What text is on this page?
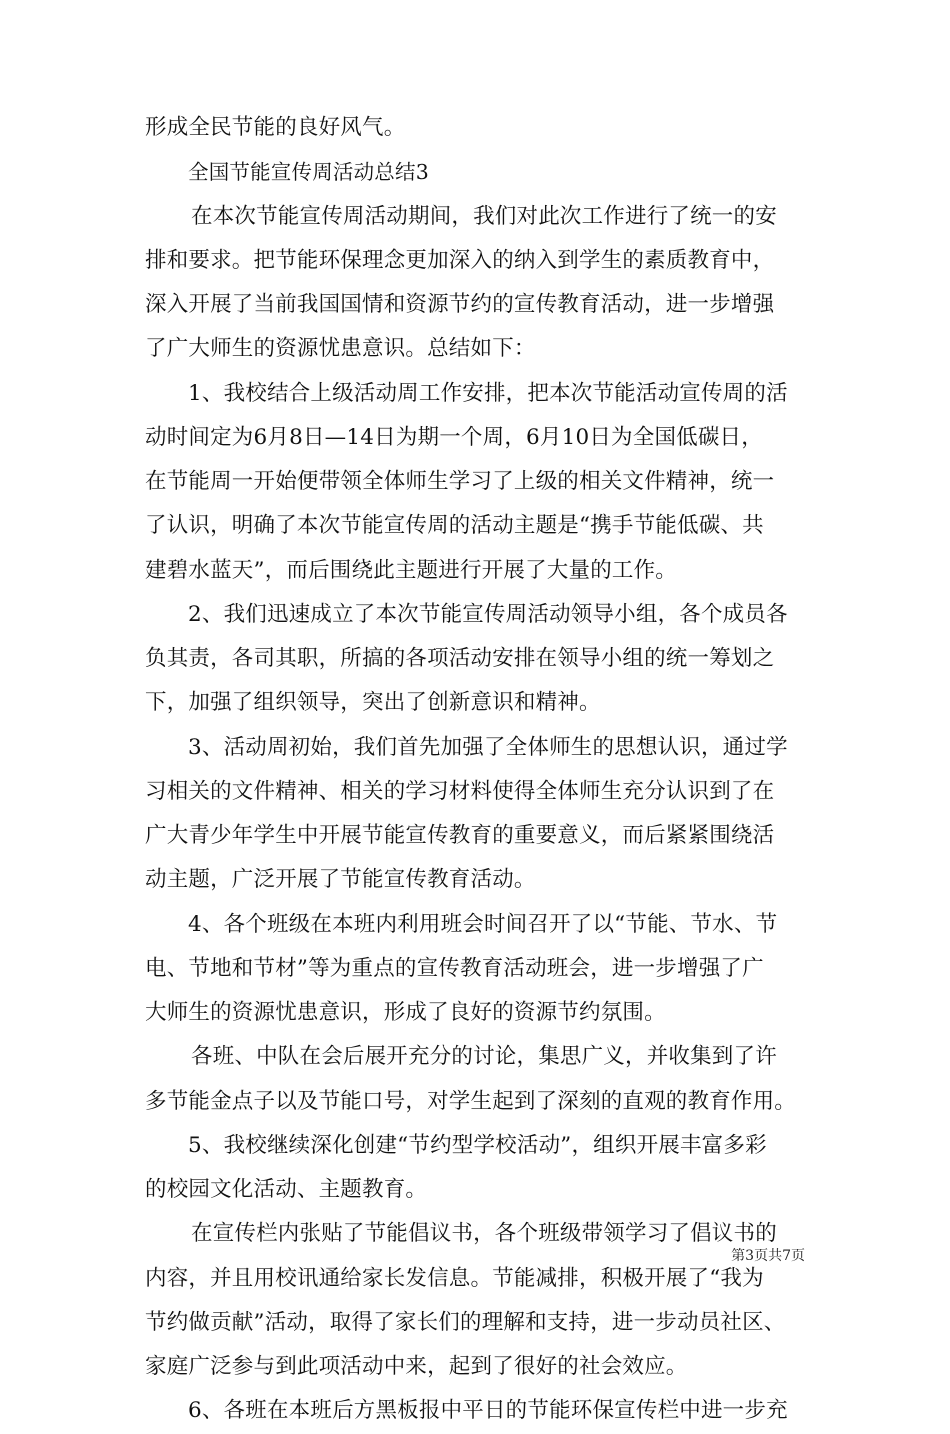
形成全民节能的良好风气。
全国节能宣传周活动总结3
在本次节能宣传周活动期间，我们对此次工作进行了统一的安
排和要求。把节能环保理念更加深入的纳入到学生的素质教育中，
深入开展了当前我国国情和资源节约的宣传教育活动，进一步增强
了广大师生的资源忧患意识。总结如下：
1、我校结合上级活动周工作安排，把本次节能活动宣传周的活
动时间定为6月8日—14日为期一个周，6月10日为全国低碳日，
在节能周一开始便带领全体师生学习了上级的相关文件精神，统一
了认识，明确了本次节能宣传周的活动主题是“携手节能低碳、共
建碧水蓝天”，而后围绕此主题进行开展了大量的工作。
2、我们迅速成立了本次节能宣传周活动领导小组，各个成员各
负其责，各司其职，所搞的各项活动安排在领导小组的统一筹划之
下，加强了组织领导，突出了创新意识和精神。
3、活动周初始，我们首先加强了全体师生的思想认识，通过学
习相关的文件精神、相关的学习材料使得全体师生充分认识到了在
广大青少年学生中开展节能宣传教育的重要意义，而后紧紧围绕活
动主题，广泛开展了节能宣传教育活动。
4、各个班级在本班内利用班会时间召开了以“节能、节水、节
电、节地和节材”等为重点的宣传教育活动班会，进一步增强了广
大师生的资源忧患意识，形成了良好的资源节约氛围。
各班、中队在会后展开充分的讨论，集思广义，并收集到了许
多节能金点子以及节能口号，对学生起到了深刻的直观的教育作用。
5、我校继续深化创建“节约型学校活动”，组织开展丰富多彩
的校园文化活动、主题教育。
在宣传栏内张贴了节能倡议书，各个班级带领学习了倡议书的
内容，并且用校讯通给家长发信息。节能减排，积极开展了“我为
节约做贡献”活动，取得了家长们的理解和支持，进一步动员社区、
家庭广泛参与到此项活动中来，起到了很好的社会效应。
6、各班在本班后方黑板报中平日的节能环保宣传栏中进一步充
第3页共7页
